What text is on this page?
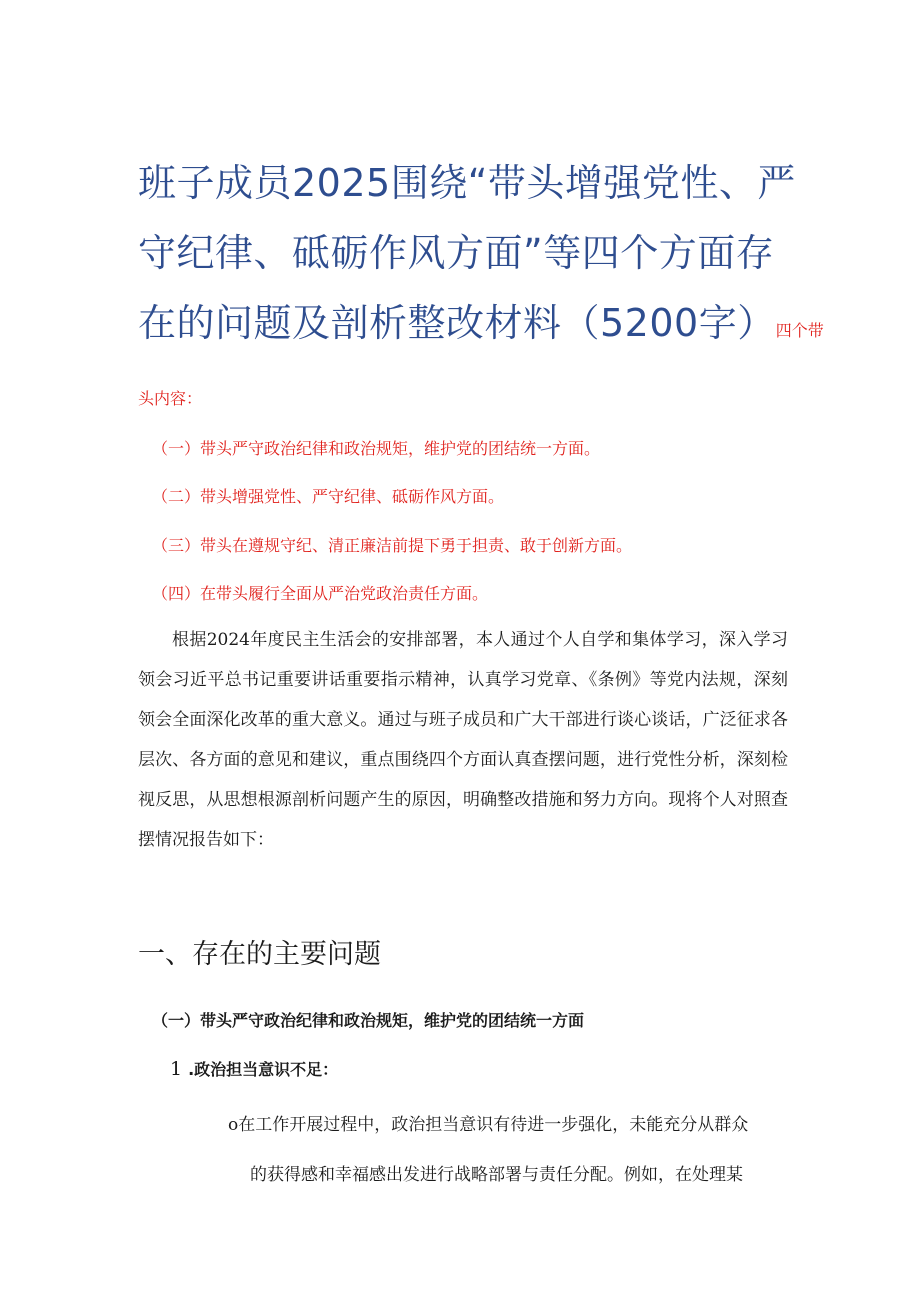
班子成员2025围绕“带头增强党性、严
守纪律、砥砺作风方面”等四个方面存
在的问题及剖析整改材料（5200字）四个带
头内容：
（一）带头严守政治纪律和政治规矩，维护党的团结统一方面。
（二）带头增强党性、严守纪律、砥砺作风方面。
（三）带头在遵规守纪、清正廉洁前提下勇于担责、敢于创新方面。
（四）在带头履行全面从严治党政治责任方面。

根据2024年度民主生活会的安排部署，本人通过个人自学和集体学习，深入学习领会习近平总书记重要讲话重要指示精神，认真学习党章、《条例》等党内法规，深刻领会全面深化改革的重大意义。通过与班子成员和广大干部进行谈心谈话，广泛征求各层次、各方面的意见和建议，重点围绕四个方面认真查摆问题，进行党性分析，深刻检视反思，从思想根源剖析问题产生的原因，明确整改措施和努力方向。现将个人对照查摆情况报告如下：

一、存在的主要问题
（一）带头严守政治纪律和政治规矩，维护党的团结统一方面
1 .政治担当意识不足：
o在工作开展过程中，政治担当意识有待进一步强化，未能充分从群众
的获得感和幸福感出发进行战略部署与责任分配。例如，在处理某
